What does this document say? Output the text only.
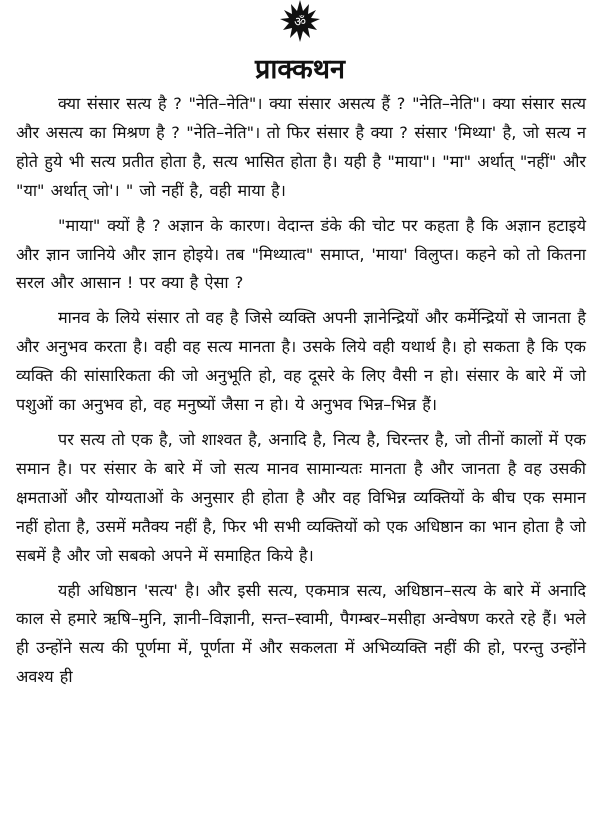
ॐ
प्राक्कथन

क्या संसार सत्य है ? "नेति–नेति"। क्या संसार असत्य हैं ? "नेति–नेति"। क्या संसार सत्य और असत्य का मिश्रण है ? "नेति–नेति"। तो फिर संसार है क्या ? संसार 'मिथ्या' है, जो सत्य न होते हुये भी सत्य प्रतीत होता है, सत्य भासित होता है। यही है "माया"। "मा" अर्थात् "नहीं" और "या" अर्थात् जो'। " जो नहीं है, वही माया है।

"माया" क्यों है ? अज्ञान के कारण। वेदान्त डंके की चोट पर कहता है कि अज्ञान हटाइये और ज्ञान जानिये और ज्ञान होइये। तब "मिथ्यात्व" समाप्त, 'माया' विलुप्त। कहने को तो कितना सरल और आसान ! पर क्या है ऐसा ?

मानव के लिये संसार तो वह है जिसे व्यक्ति अपनी ज्ञानेन्द्रियों और कर्मेन्द्रियों से जानता है और अनुभव करता है। वही वह सत्य मानता है। उसके लिये वही यथार्थ है। हो सकता है कि एक व्यक्ति की सांसारिकता की जो अनुभूति हो, वह दूसरे के लिए वैसी न हो। संसार के बारे में जो पशुओं का अनुभव हो, वह मनुष्यों जैसा न हो। ये अनुभव भिन्न–भिन्न हैं।

पर सत्य तो एक है, जो शाश्वत है, अनादि है, नित्य है, चिरन्तर है, जो तीनों कालों में एक समान है। पर संसार के बारे में जो सत्य मानव सामान्यतः मानता है और जानता है वह उसकी क्षमताओं और योग्यताओं के अनुसार ही होता है और वह विभिन्न व्यक्तियों के बीच एक समान नहीं होता है, उसमें मतैक्य नहीं है, फिर भी सभी व्यक्तियों को एक अधिष्ठान का भान होता है जो सबमें है और जो सबको अपने में समाहित किये है।

यही अधिष्ठान 'सत्य' है। और इसी सत्य, एकमात्र सत्य, अधिष्ठान–सत्य के बारे में अनादि काल से हमारे ऋषि–मुनि, ज्ञानी–विज्ञानी, सन्त–स्वामी, पैगम्बर–मसीहा अन्वेषण करते रहे हैं। भले ही उन्होंने सत्य की पूर्णमा में, पूर्णता में और सकलता में अभिव्यक्ति नहीं की हो, परन्तु उन्होंने अवश्य ही
